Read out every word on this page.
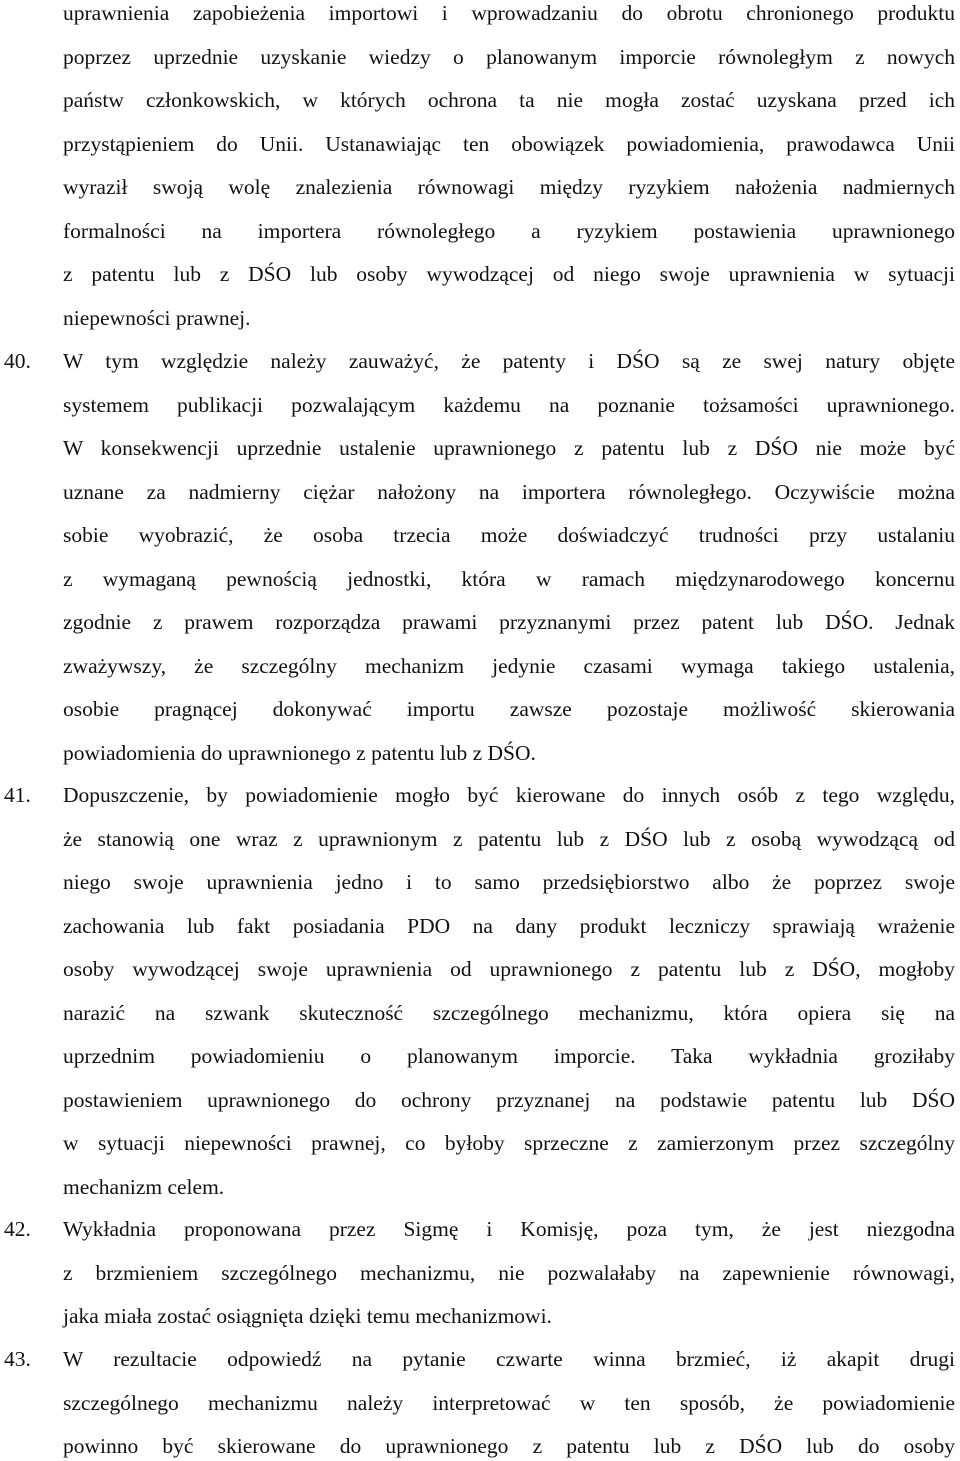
uprawnienia zapobieżenia importowi i wprowadzaniu do obrotu chronionego produktu
poprzez uprzednie uzyskanie wiedzy o planowanym imporcie równoległym z nowych
państw członkowskich, w których ochrona ta nie mogła zostać uzyskana przed ich
przystąpieniem do Unii. Ustanawiając ten obowiązek powiadomienia, prawodawca Unii
wyraził swoją wolę znalezienia równowagi między ryzykiem nałożenia nadmiernych
formalności na importera równoległego a ryzykiem postawienia uprawnionego
z patentu lub z DŚO lub osoby wywodzącej od niego swoje uprawnienia w sytuacji
niepewności prawnej.
40. W tym względzie należy zauważyć, że patenty i DŚO są ze swej natury objęte
systemem publikacji pozwalającym każdemu na poznanie tożsamości uprawnionego.
W konsekwencji uprzednie ustalenie uprawnionego z patentu lub z DŚO nie może być
uznane za nadmierny ciężar nałożony na importera równoległego. Oczywiście można
sobie wyobrazić, że osoba trzecia może doświadczyć trudności przy ustalaniu
z wymaganą pewnością jednostki, która w ramach międzynarodowego koncernu
zgodnie z prawem rozporządza prawami przyznanymi przez patent lub DŚO. Jednak
zważywszy, że szczególny mechanizm jedynie czasami wymaga takiego ustalenia,
osobie pragnącej dokonywać importu zawsze pozostaje możliwość skierowania
powiadomienia do uprawnionego z patentu lub z DŚO.
41. Dopuszczenie, by powiadomienie mogło być kierowane do innych osób z tego względu,
że stanowią one wraz z uprawnionym z patentu lub z DŚO lub z osobą wywodzącą od
niego swoje uprawnienia jedno i to samo przedsiębiorstwo albo że poprzez swoje
zachowania lub fakt posiadania PDO na dany produkt leczniczy sprawiają wrażenie
osoby wywodzącej swoje uprawnienia od uprawnionego z patentu lub z DŚO, mogłoby
narazić na szwank skuteczność szczególnego mechanizmu, która opiera się na
uprzednim powiadomieniu o planowanym imporcie. Taka wykładnia groziłaby
postawieniem uprawnionego do ochrony przyznanej na podstawie patentu lub DŚO
w sytuacji niepewności prawnej, co byłoby sprzeczne z zamierzonym przez szczególny
mechanizm celem.
42. Wykładnia proponowana przez Sigmę i Komisję, poza tym, że jest niezgodna
z brzmieniem szczególnego mechanizmu, nie pozwalałaby na zapewnienie równowagi,
jaka miała zostać osiągnięta dzięki temu mechanizmowi.
43. W rezultacie odpowiedź na pytanie czwarte winna brzmieć, iż akapit drugi
szczególnego mechanizmu należy interpretować w ten sposób, że powiadomienie
powinno być skierowane do uprawnionego z patentu lub z DŚO lub do osoby
